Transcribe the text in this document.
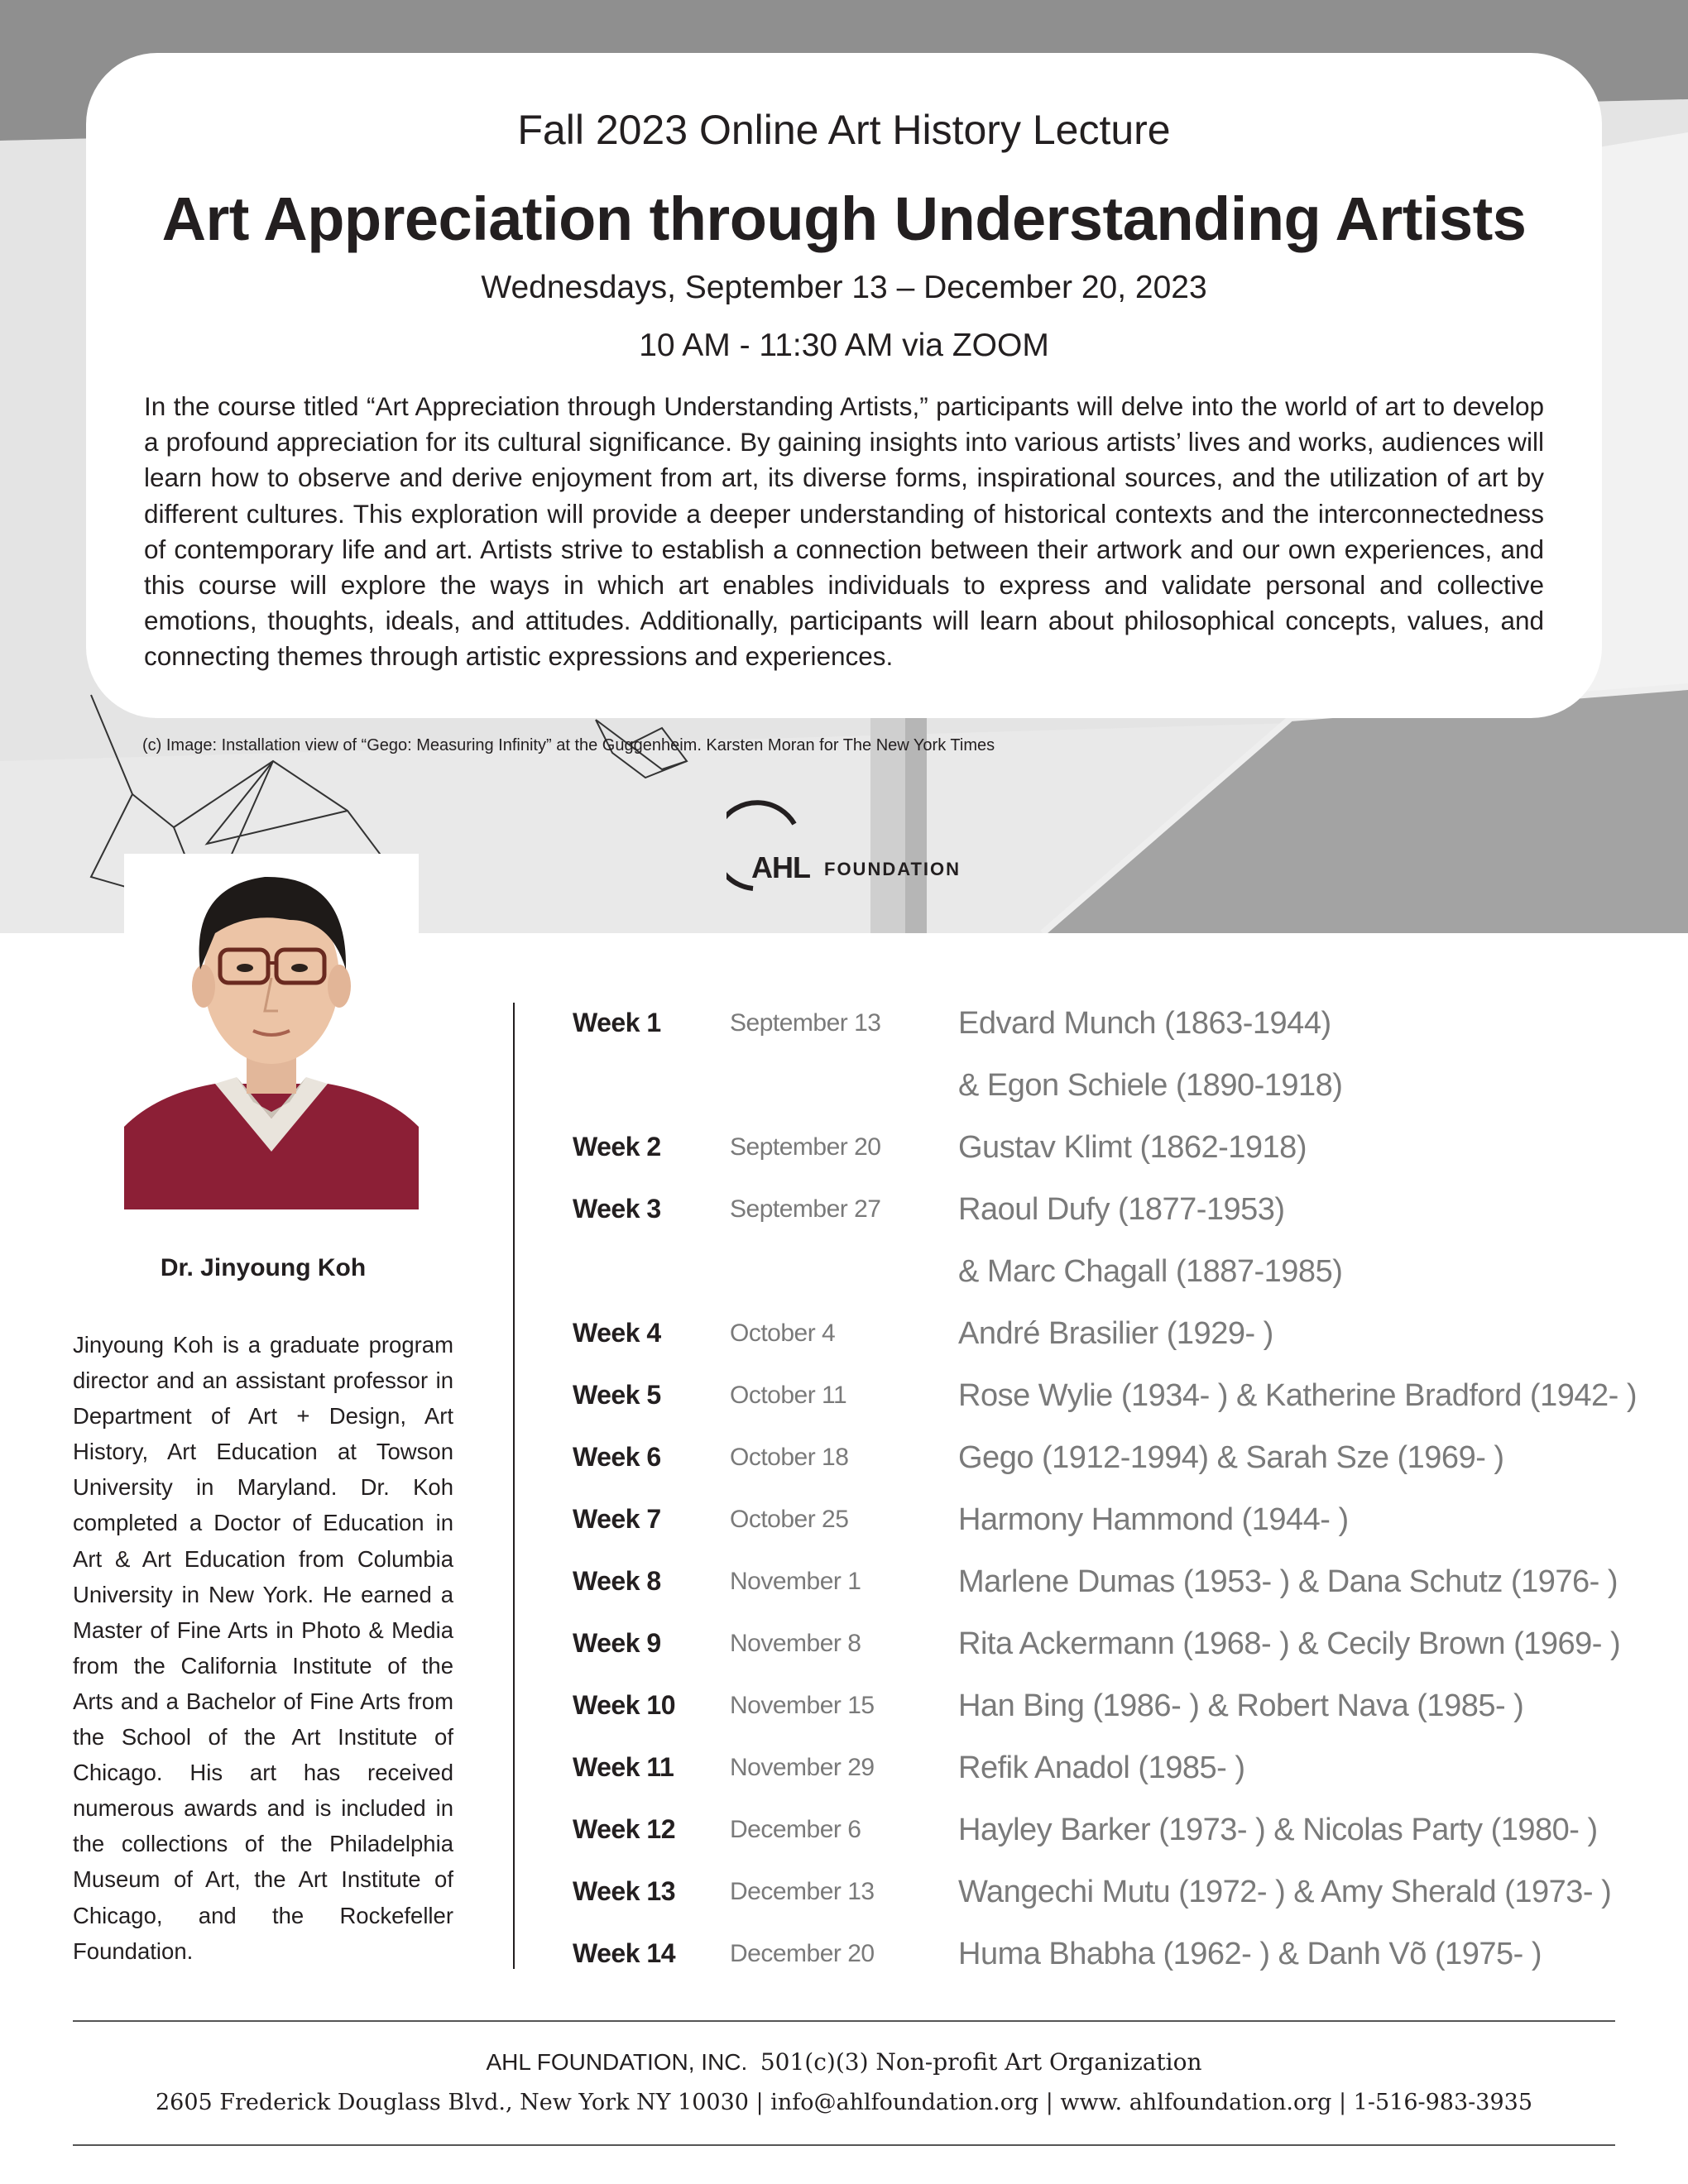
Fall 2023 Online Art History Lecture
Art Appreciation through Understanding Artists
Wednesdays, September 13 – December 20, 2023
10 AM - 11:30 AM via ZOOM
In the course titled “Art Appreciation through Understanding Artists,” participants will delve into the world of art to develop a profound appreciation for its cultural significance. By gaining insights into various artists’ lives and works, audiences will learn how to observe and derive enjoyment from art, its diverse forms, inspirational sources, and the utilization of art by different cultures. This exploration will provide a deeper understanding of historical contexts and the interconnectedness of contemporary life and art. Artists strive to establish a connection between their artwork and our own experiences, and this course will explore the ways in which art enables individuals to express and validate personal and collective emotions, thoughts, ideals, and attitudes. Additionally, participants will learn about philosophical concepts, values, and connecting themes through artistic expressions and experiences.
(c) Image: Installation view of “Gego: Measuring Infinity” at the Guggenheim. Karsten Moran for The New York Times
AHL FOUNDATION
Dr. Jinyoung Koh
Jinyoung Koh is a graduate program director and an assistant professor in Department of Art + Design, Art History, Art Education at Towson University in Maryland. Dr. Koh completed a Doctor of Education in Art & Art Education from Columbia University in New York. He earned a Master of Fine Arts in Photo & Media from the California Institute of the Arts and a Bachelor of Fine Arts from the School of the Art Institute of Chicago. His art has received numerous awards and is included in the collections of the Philadelphia Museum of Art, the Art Institute of Chicago, and the Rockefeller Foundation.
Week 1	September 13 Edvard Munch (1863-1944)
& Egon Schiele (1890-1918)
Week 2	September 20 Gustav Klimt (1862-1918)
Week 3	September 27 Raoul Dufy (1877-1953)
& Marc Chagall (1887-1985)
Week 4	October 4	André Brasilier (1929- )
Week 5	October 11	Rose Wylie (1934- ) & Katherine Bradford (1942- )
Week 6	October 18	Gego (1912-1994) & Sarah Sze (1969- )
Week 7	October 25	Harmony Hammond (1944- )
Week 8	November 1	Marlene Dumas (1953- ) & Dana Schutz (1976- )
Week 9	November 8	Rita Ackermann (1968- ) & Cecily Brown (1969- )
Week 10 November 15	Han Bing (1986- ) & Robert Nava (1985- )
Week 11 November 29	Refik Anadol (1985- )
Week 12 December 6	Hayley Barker (1973- ) & Nicolas Party (1980- )
Week 13 December 13	Wangechi Mutu (1972- ) & Amy Sherald (1973- )
Week 14 December 20	Huma Bhabha (1962- ) & Danh Võ (1975- )
AHL FOUNDATION, INC. 501(c)(3) Non-profit Art Organization
2605 Frederick Douglass Blvd., New York NY 10030 | info@ahlfoundation.org | www. ahlfoundation.org | 1-516-983-3935
